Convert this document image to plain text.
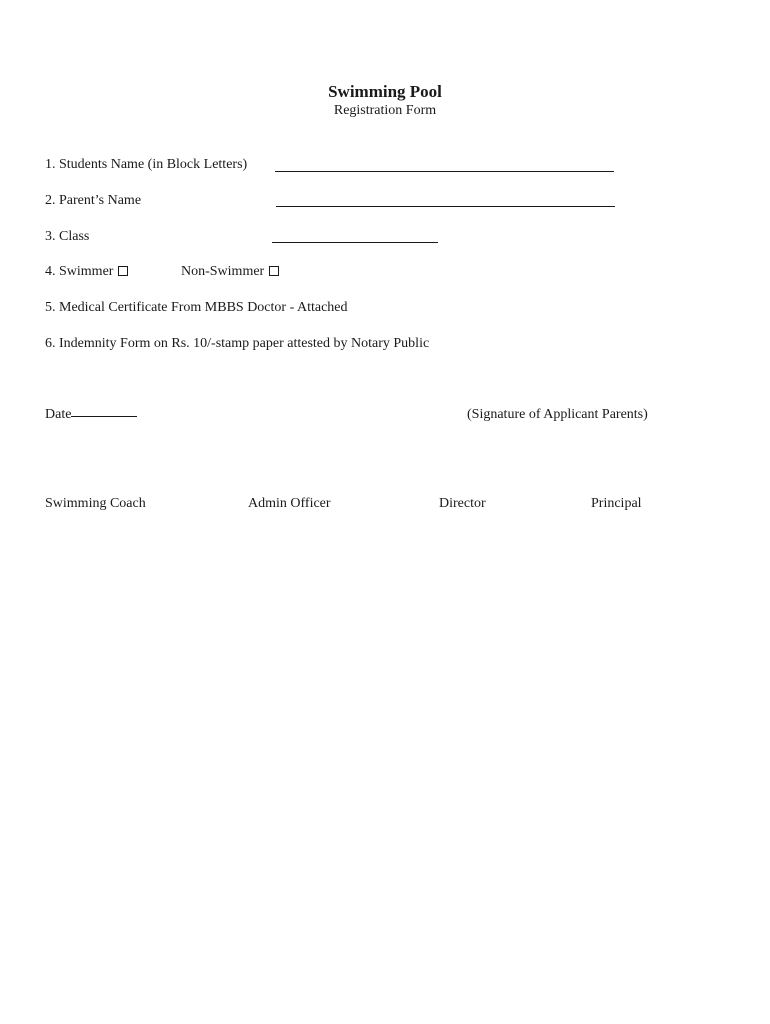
Swimming Pool
Registration Form
1. Students Name (in Block Letters)
2. Parent’s Name
3. Class
4. Swimmer	Non-Swimmer
5. Medical Certificate From MBBS Doctor - Attached
6. Indemnity Form on Rs. 10/-stamp paper attested by Notary Public
Date	(Signature of Applicant Parents)
Swimming Coach	Admin Officer	Director	Principal
